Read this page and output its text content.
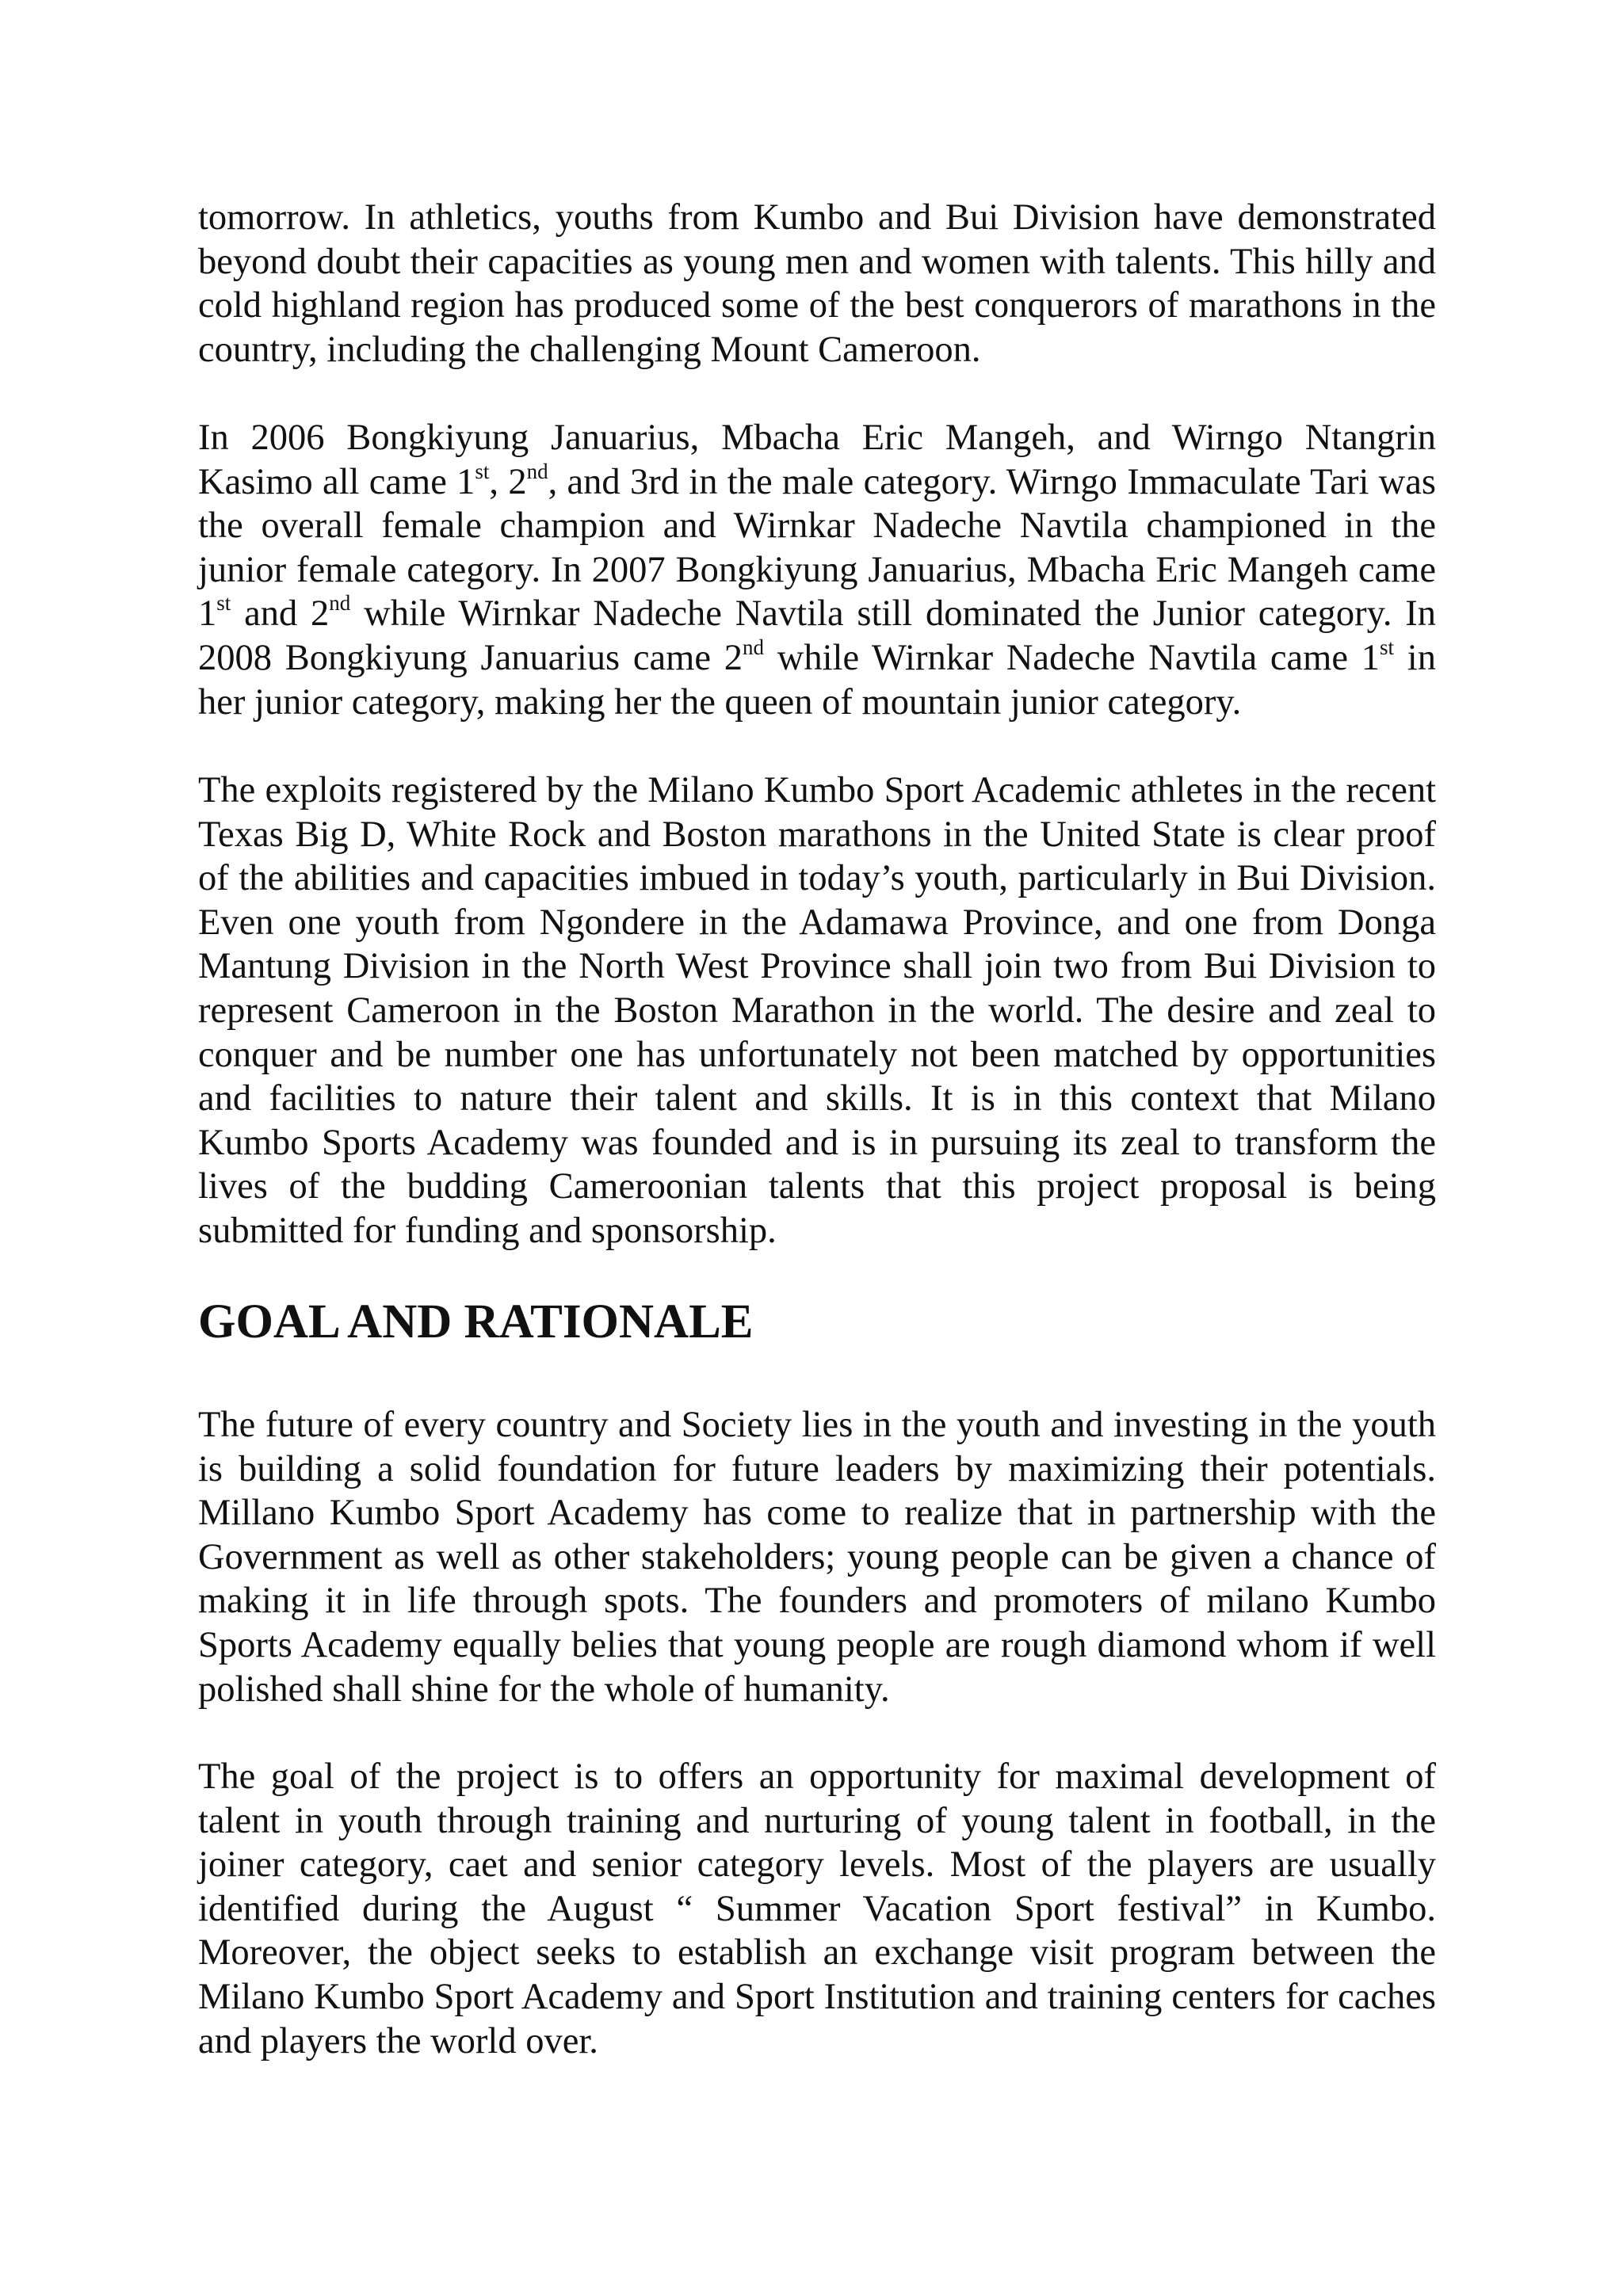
tomorrow. In athletics, youths from Kumbo and Bui Division have demonstrated beyond doubt their capacities as young men and women with talents. This hilly and cold highland region has produced some of the best conquerors of marathons in the country, including the challenging Mount Cameroon.

In 2006 Bongkiyung Januarius, Mbacha Eric Mangeh, and Wirngo Ntangrin Kasimo all came 1st, 2nd, and 3rd in the male category. Wirngo Immaculate Tari was the overall female champion and Wirnkar Nadeche Navtila championed in the junior female category. In 2007 Bongkiyung Januarius, Mbacha Eric Mangeh came 1st and 2nd while Wirnkar Nadeche Navtila still dominated the Junior category. In 2008 Bongkiyung Januarius came 2nd while Wirnkar Nadeche Navtila came 1st in her junior category, making her the queen of mountain junior category.

The exploits registered by the Milano Kumbo Sport Academic athletes in the recent Texas Big D, White Rock and Boston marathons in the United State is clear proof of the abilities and capacities imbued in today’s youth, particularly in Bui Division. Even one youth from Ngondere in the Adamawa Province, and one from Donga Mantung Division in the North West Province shall join two from Bui Division to represent Cameroon in the Boston Marathon in the world. The desire and zeal to conquer and be number one has unfortunately not been matched by opportunities and facilities to nature their talent and skills. It is in this context that Milano Kumbo Sports Academy was founded and is in pursuing its zeal to transform the lives of the budding Cameroonian talents that this project proposal is being submitted for funding and sponsorship.

GOAL AND RATIONALE

The future of every country and Society lies in the youth and investing in the youth is building a solid foundation for future leaders by maximizing their potentials. Millano Kumbo Sport Academy has come to realize that in partnership with the Government as well as other stakeholders; young people can be given a chance of making it in life through spots. The founders and promoters of milano Kumbo Sports Academy equally belies that young people are rough diamond whom if well polished shall shine for the whole of humanity.

The goal of the project is to offers an opportunity for maximal development of talent in youth through training and nurturing of young talent in football, in the joiner category, caet and senior category levels. Most of the players are usually identified during the August “ Summer Vacation Sport festival” in Kumbo. Moreover, the object seeks to establish an exchange visit program between the Milano Kumbo Sport Academy and Sport Institution and training centers for caches and players the world over.
